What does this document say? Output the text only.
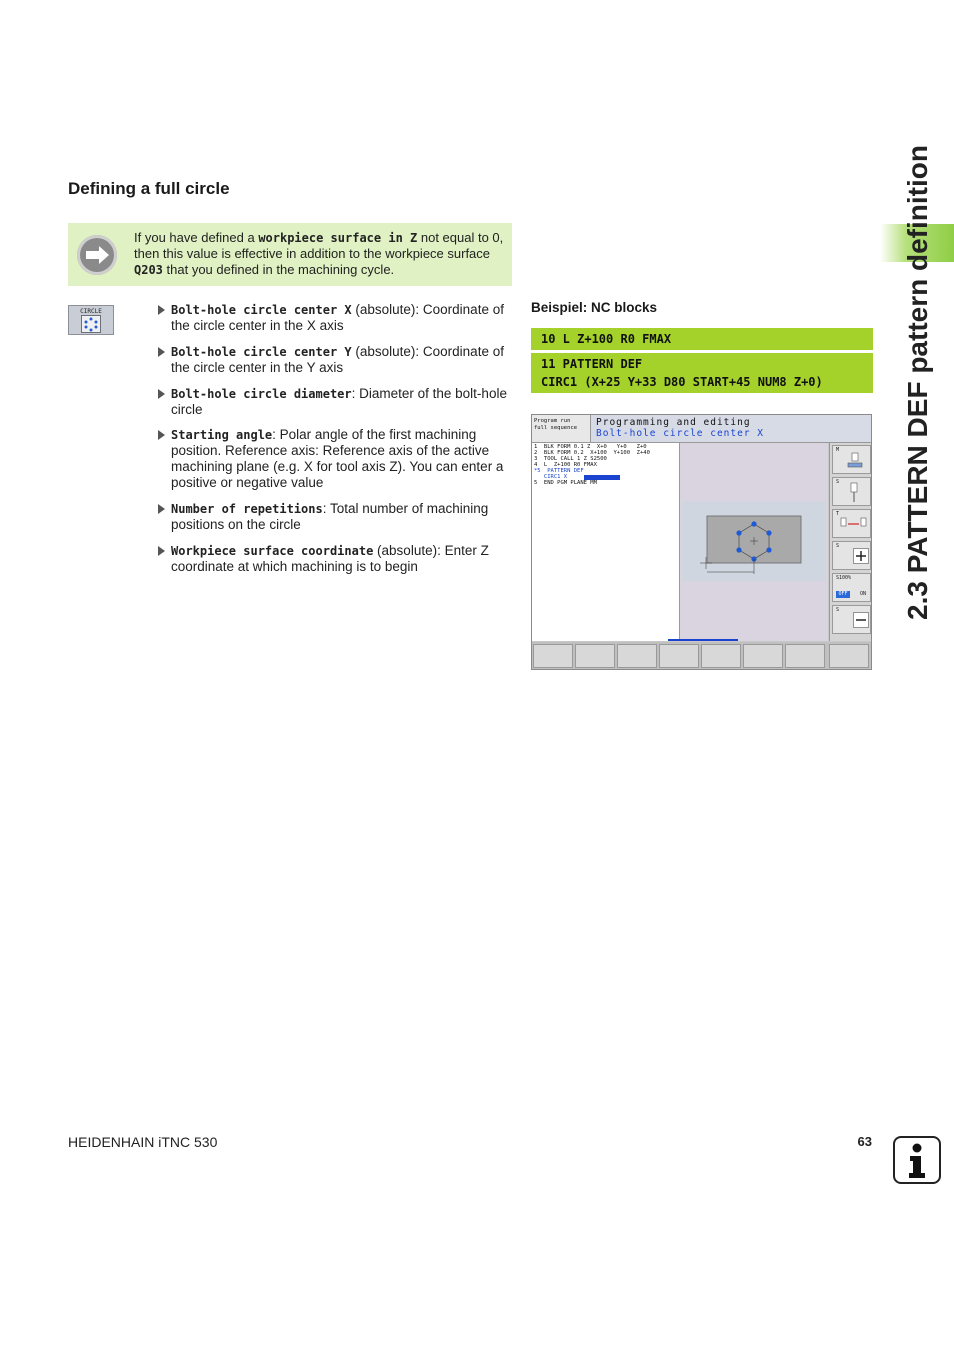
2.3 PATTERN DEF pattern definition
Defining a full circle
If you have defined a workpiece surface in Z not equal to 0, then this value is effective in addition to the workpiece surface Q203 that you defined in the machining cycle.
CIRCLE	Bolt-hole circle center X (absolute): Coordinate of the circle center in the X axis
Bolt-hole circle center Y (absolute): Coordinate of the circle center in the Y axis
Bolt-hole circle diameter: Diameter of the bolt-hole circle
Starting angle: Polar angle of the first machining position. Reference axis: Reference axis of the active machining plane (e.g. X for tool axis Z). You can enter a positive or negative value
Number of repetitions: Total number of machining positions on the circle
Workpiece surface coordinate (absolute): Enter Z coordinate at which machining is to begin
Beispiel: NC blocks
10 L Z+100 R0 FMAX
11 PATTERN DEF
CIRC1 (X+25 Y+33 D80 START+45 NUM8 Z+0)
Program run
full sequence Programming and editing
Bolt-hole circle center X
1  BLK FORM 0.1 Z  X+0   Y+0   Z+0
2  BLK FORM 0.2  X+100  Y+100  Z+40
3  TOOL CALL 1 Z S2500
4  L  Z+100 R0 FMAX
*5  PATTERN DEF
CIRC1 X
5  END PGM PLANE MM
M
S
T
S
S100%
OFF	ON
S
HEIDENHAIN iTNC 530	63
